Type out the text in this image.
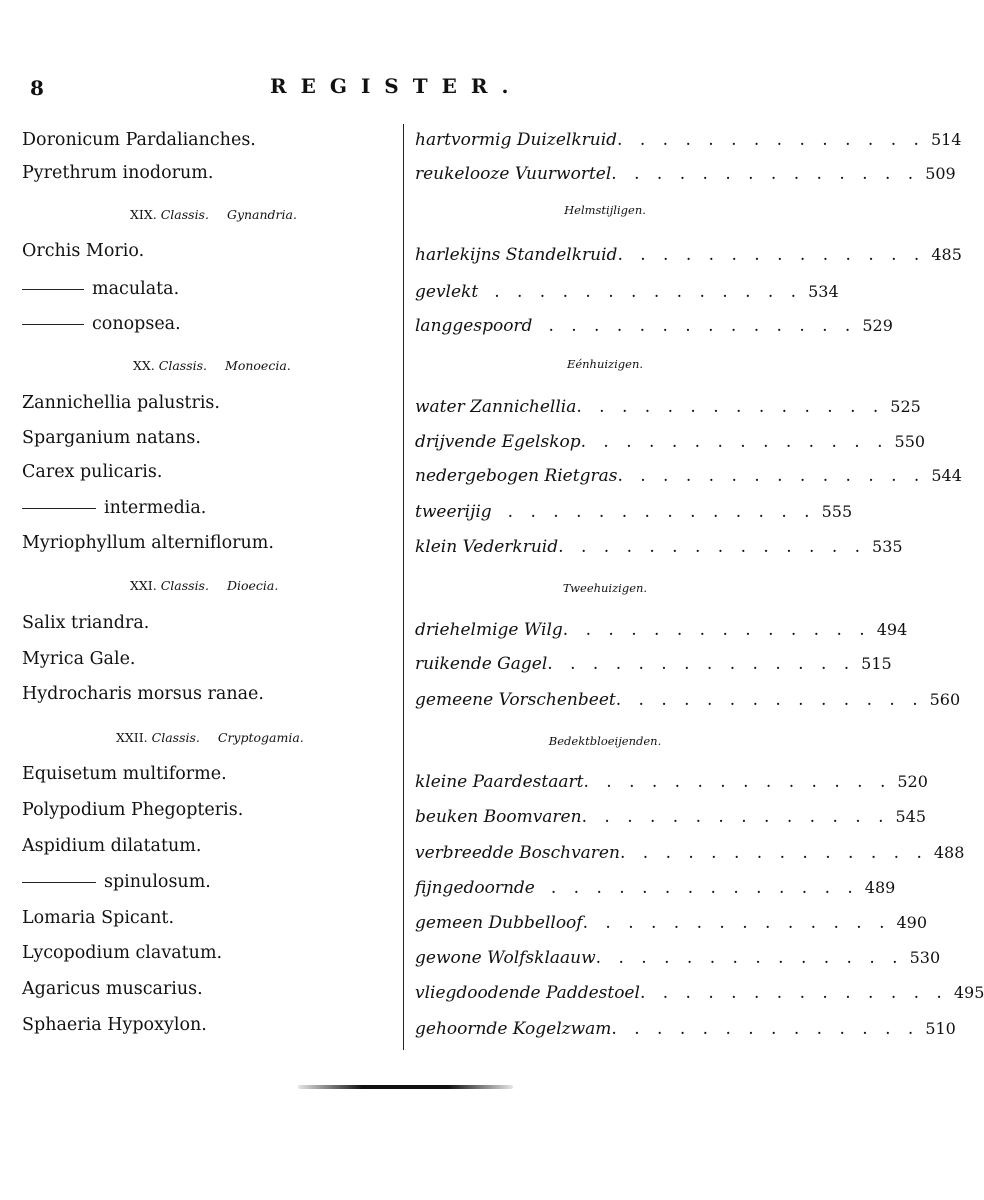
8	REGISTER.
Doronicum Pardalianches.
Pyrethrum inodorum.
XIX. Classis. Gynandria.
Orchis Morio.
maculata.
conopsea.
XX. Classis. Monoecia.
Zannichellia palustris.
Sparganium natans.
Carex pulicaris.
intermedia.
Myriophyllum alterniflorum.
XXI. Classis. Dioecia.
Salix triandra.
Myrica Gale.
Hydrocharis morsus ranae.
XXII. Classis. Cryptogamia.
Equisetum multiforme.
Polypodium Phegopteris.
Aspidium dilatatum.
spinulosum.
Lomaria Spicant.
Lycopodium clavatum.
Agaricus muscarius.
Sphaeria Hypoxylon.
hartvormig Duizelkruid . . . . . . . . . . . . . . 514
reukelooze Vuurwortel . . . . . . . . . . . . . . 509
Helmstijligen.
harlekijns Standelkruid . . . . . . . . . . . . . . 485
gevlekt . . . . . . . . . . . . . . 534
langgespoord . . . . . . . . . . . . . . 529
Eénhuizigen.
water Zannichellia . . . . . . . . . . . . . . 525
drijvende Egelskop . . . . . . . . . . . . . . 550
nedergebogen Rietgras . . . . . . . . . . . . . . 544
tweerijig . . . . . . . . . . . . . . 555
klein Vederkruid . . . . . . . . . . . . . . 535
Tweehuizigen.
driehelmige Wilg . . . . . . . . . . . . . . 494
ruikende Gagel . . . . . . . . . . . . . . 515
gemeene Vorschenbeet . . . . . . . . . . . . . . 560
Bedektbloeijenden.
kleine Paardestaart . . . . . . . . . . . . . . 520
beuken Boomvaren . . . . . . . . . . . . . . 545
verbreedde Boschvaren . . . . . . . . . . . . . . 488
fijngedoornde . . . . . . . . . . . . . . 489
gemeen Dubbelloof . . . . . . . . . . . . . . 490
gewone Wolfsklaauw . . . . . . . . . . . . . . 530
vliegdoodende Paddestoel . . . . . . . . . . . . . . 495
gehoornde Kogelzwam . . . . . . . . . . . . . . 510
